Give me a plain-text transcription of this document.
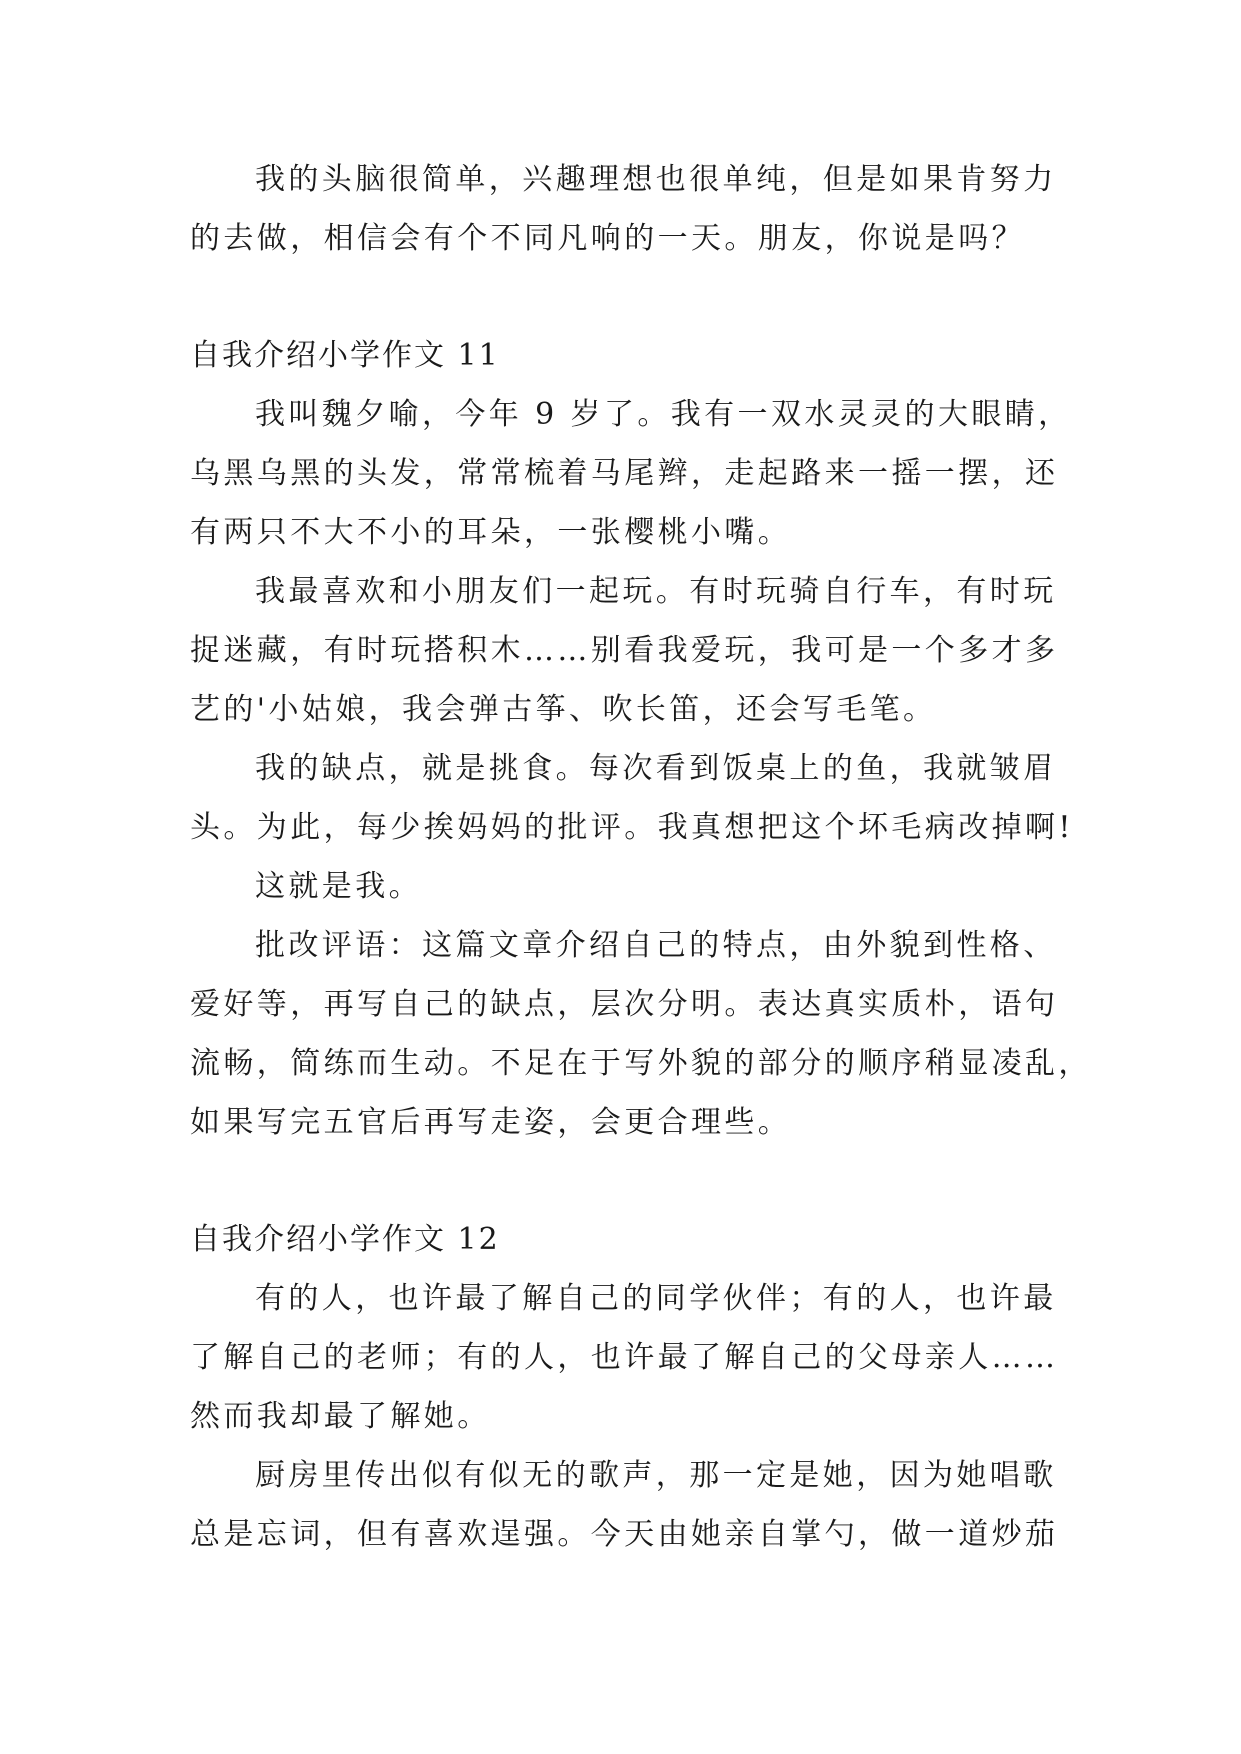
我的头脑很简单，兴趣理想也很单纯，但是如果肯努力
的去做，相信会有个不同凡响的一天。朋友，你说是吗？
自我介绍小学作文 11
我叫魏夕喻，今年 9 岁了。我有一双水灵灵的大眼睛，
乌黑乌黑的头发，常常梳着马尾辫，走起路来一摇一摆，还
有两只不大不小的耳朵，一张樱桃小嘴。
我最喜欢和小朋友们一起玩。有时玩骑自行车，有时玩
捉迷藏，有时玩搭积木……别看我爱玩，我可是一个多才多
艺的'小姑娘，我会弹古筝、吹长笛，还会写毛笔。
我的缺点，就是挑食。每次看到饭桌上的鱼，我就皱眉
头。为此，每少挨妈妈的批评。我真想把这个坏毛病改掉啊!
这就是我。
批改评语：这篇文章介绍自己的特点，由外貌到性格、
爱好等，再写自己的缺点，层次分明。表达真实质朴，语句
流畅，简练而生动。不足在于写外貌的部分的顺序稍显凌乱，
如果写完五官后再写走姿，会更合理些。
自我介绍小学作文 12
有的人，也许最了解自己的同学伙伴；有的人，也许最
了解自己的老师；有的人，也许最了解自己的父母亲人……
然而我却最了解她。
厨房里传出似有似无的歌声，那一定是她，因为她唱歌
总是忘词，但有喜欢逞强。今天由她亲自掌勺，做一道炒茄
